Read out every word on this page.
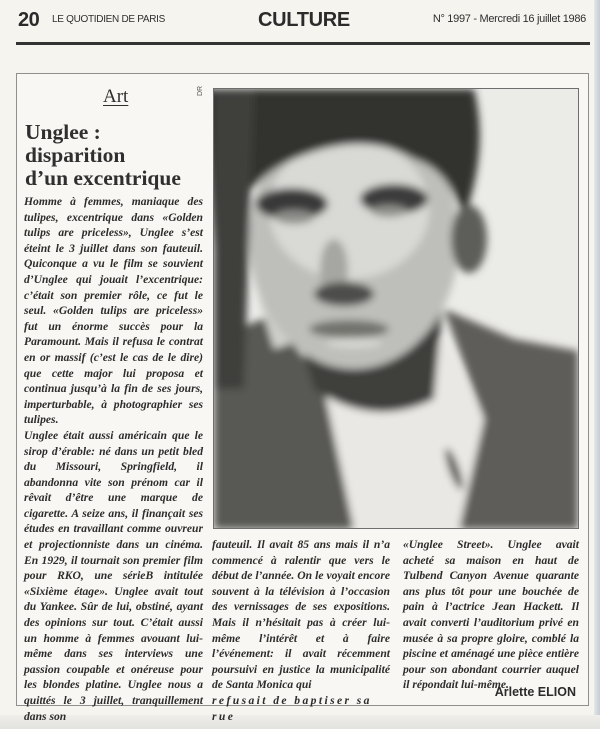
20 LE QUOTIDIEN DE PARIS	CULTURE	N° 1997 - Mercredi 16 juillet 1986
Art
Unglee :
disparition
d’un excentrique

Homme à femmes, maniaque des tulipes, excentrique dans «Golden tulips are priceless», Unglee s’est éteint le 3 juillet dans son fauteuil. Quiconque a vu le film se souvient d’Unglee qui jouait l’excentrique: c’était son premier rôle, ce fut le seul. «Golden tulips are priceless» fut un énorme succès pour la Paramount. Mais il refusa le contrat en or massif (c’est le cas de le dire) que cette major lui proposa et continua jusqu’à la fin de ses jours, imperturbable, à photographier ses tulipes.

Unglee était aussi américain que le sirop d’érable: né dans un petit bled du Missouri, Springfield, il abandonna vite son prénom car il rêvait d’être une marque de cigarette. A seize ans, il finançait ses études en travaillant comme ouvreur et projectionniste dans un cinéma. En 1929, il tournait son premier film pour RKO, une sérieB intitulée «Sixième étage». Unglee avait tout du Yankee. Sûr de lui, obstiné, ayant des opinions sur tout. C’était aussi un homme à femmes avouant lui-même dans ses interviews une passion coupable et onéreuse pour les blondes platine. Unglee nous a quittés le 3 juillet, tranquillement dans son

DR

fauteuil. Il avait 85 ans mais il n’a commencé à ralentir que vers le début de l’année. On le voyait encore souvent à la télévision à l’occasion des vernissages de ses expositions. Mais il n’hésitait pas à créer lui-même l’intérêt et à faire l’événement: il avait récemment poursuivi en justice la municipalité de Santa Monica qui

refusait de baptiser sa rue

«Unglee Street». Unglee avait acheté sa maison en haut de Tulbend Canyon Avenue quarante ans plus tôt pour une bouchée de pain à l’actrice Jean Hackett. Il avait converti l’auditorium privé en musée à sa propre gloire, comblé la piscine et aménagé une pièce entière pour son abondant courrier auquel il répondait lui-même.

Arlette ELION
